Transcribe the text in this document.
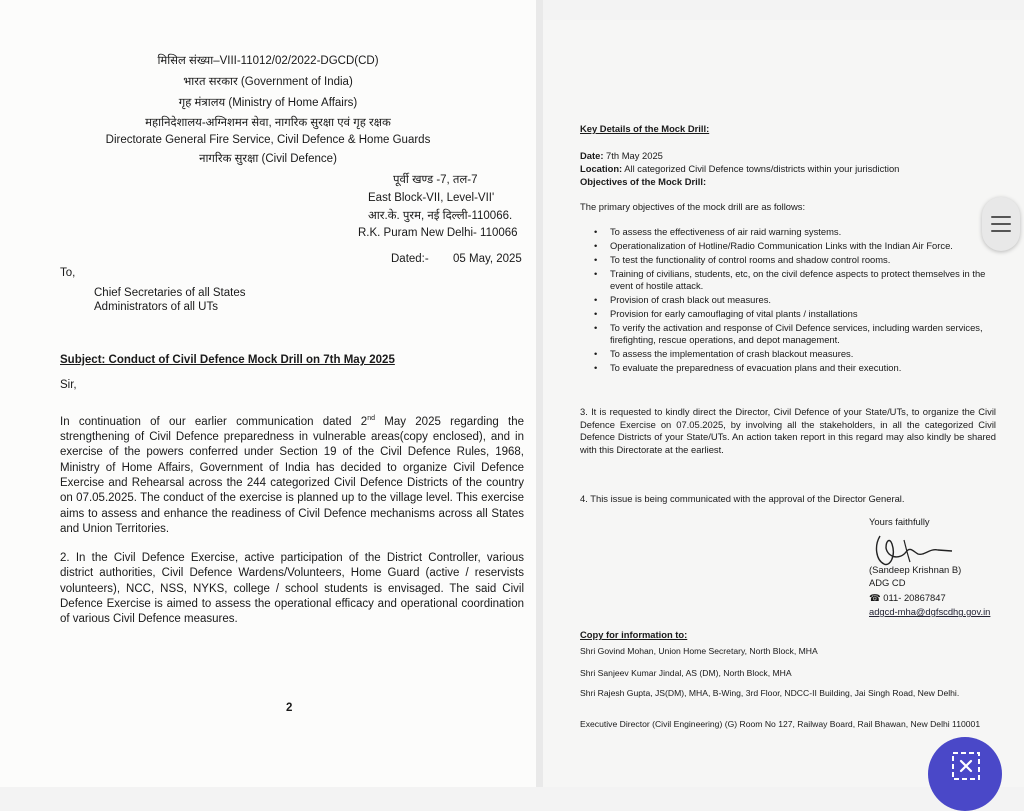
मिसिल संख्या–VIII-11012/02/2022-DGCD(CD)
भारत सरकार (Government of India)
गृह मंत्रालय (Ministry of Home Affairs)
महानिदेशालय-अग्निशमन सेवा, नागरिक सुरक्षा एवं गृह रक्षक
Directorate General Fire Service, Civil Defence & Home Guards
नागरिक सुरक्षा (Civil Defence)
पूर्वी खण्ड -7, तल-7
East Block-VII, Level-VII'
आर.के. पुरम, नई दिल्ली-110066.
R.K. Puram New Delhi- 110066
Dated:- 05 May, 2025
To,
Chief Secretaries of all States
Administrators of all UTs
Subject: Conduct of Civil Defence Mock Drill on 7th May 2025
Sir,
In continuation of our earlier communication dated 2nd May 2025 regarding the strengthening of Civil Defence preparedness in vulnerable areas(copy enclosed), and in exercise of the powers conferred under Section 19 of the Civil Defence Rules, 1968, Ministry of Home Affairs, Government of India has decided to organize Civil Defence Exercise and Rehearsal across the 244 categorized Civil Defence Districts of the country on 07.05.2025. The conduct of the exercise is planned up to the village level. This exercise aims to assess and enhance the readiness of Civil Defence mechanisms across all States and Union Territories.
2. In the Civil Defence Exercise, active participation of the District Controller, various district authorities, Civil Defence Wardens/Volunteers, Home Guard (active / reservists volunteers), NCC, NSS, NYKS, college / school students is envisaged. The said Civil Defence Exercise is aimed to assess the operational efficacy and operational coordination of various Civil Defence measures.
2
Key Details of the Mock Drill:
Date: 7th May 2025
Location: All categorized Civil Defence towns/districts within your jurisdiction
Objectives of the Mock Drill:
The primary objectives of the mock drill are as follows:
• To assess the effectiveness of air raid warning systems.
• Operationalization of Hotline/Radio Communication Links with the Indian Air Force.
• To test the functionality of control rooms and shadow control rooms.
• Training of civilians, students, etc, on the civil defence aspects to protect themselves in the event of hostile attack.
• Provision of crash black out measures.
• Provision for early camouflaging of vital plants / installations
• To verify the activation and response of Civil Defence services, including warden services, firefighting, rescue operations, and depot management.
• To assess the implementation of crash blackout measures.
• To evaluate the preparedness of evacuation plans and their execution.
3. It is requested to kindly direct the Director, Civil Defence of your State/UTs, to organize the Civil Defence Exercise on 07.05.2025, by involving all the stakeholders, in all the categorized Civil Defence Districts of your State/UTs. An action taken report in this regard may also kindly be shared with this Directorate at the earliest.
4. This issue is being communicated with the approval of the Director General.
Yours faithfully
(Sandeep Krishnan B)
ADG CD
☎ 011- 20867847
adgcd-mha@dgfscdhg.gov.in
Copy for information to:
Shri Govind Mohan, Union Home Secretary, North Block, MHA
Shri Sanjeev Kumar Jindal, AS (DM), North Block, MHA
Shri Rajesh Gupta, JS(DM), MHA, B-Wing, 3rd Floor, NDCC-II Building, Jai Singh Road, New Delhi.
Executive Director (Civil Engineering) (G) Room No 127, Railway Board, Rail Bhawan, New Delhi 110001
